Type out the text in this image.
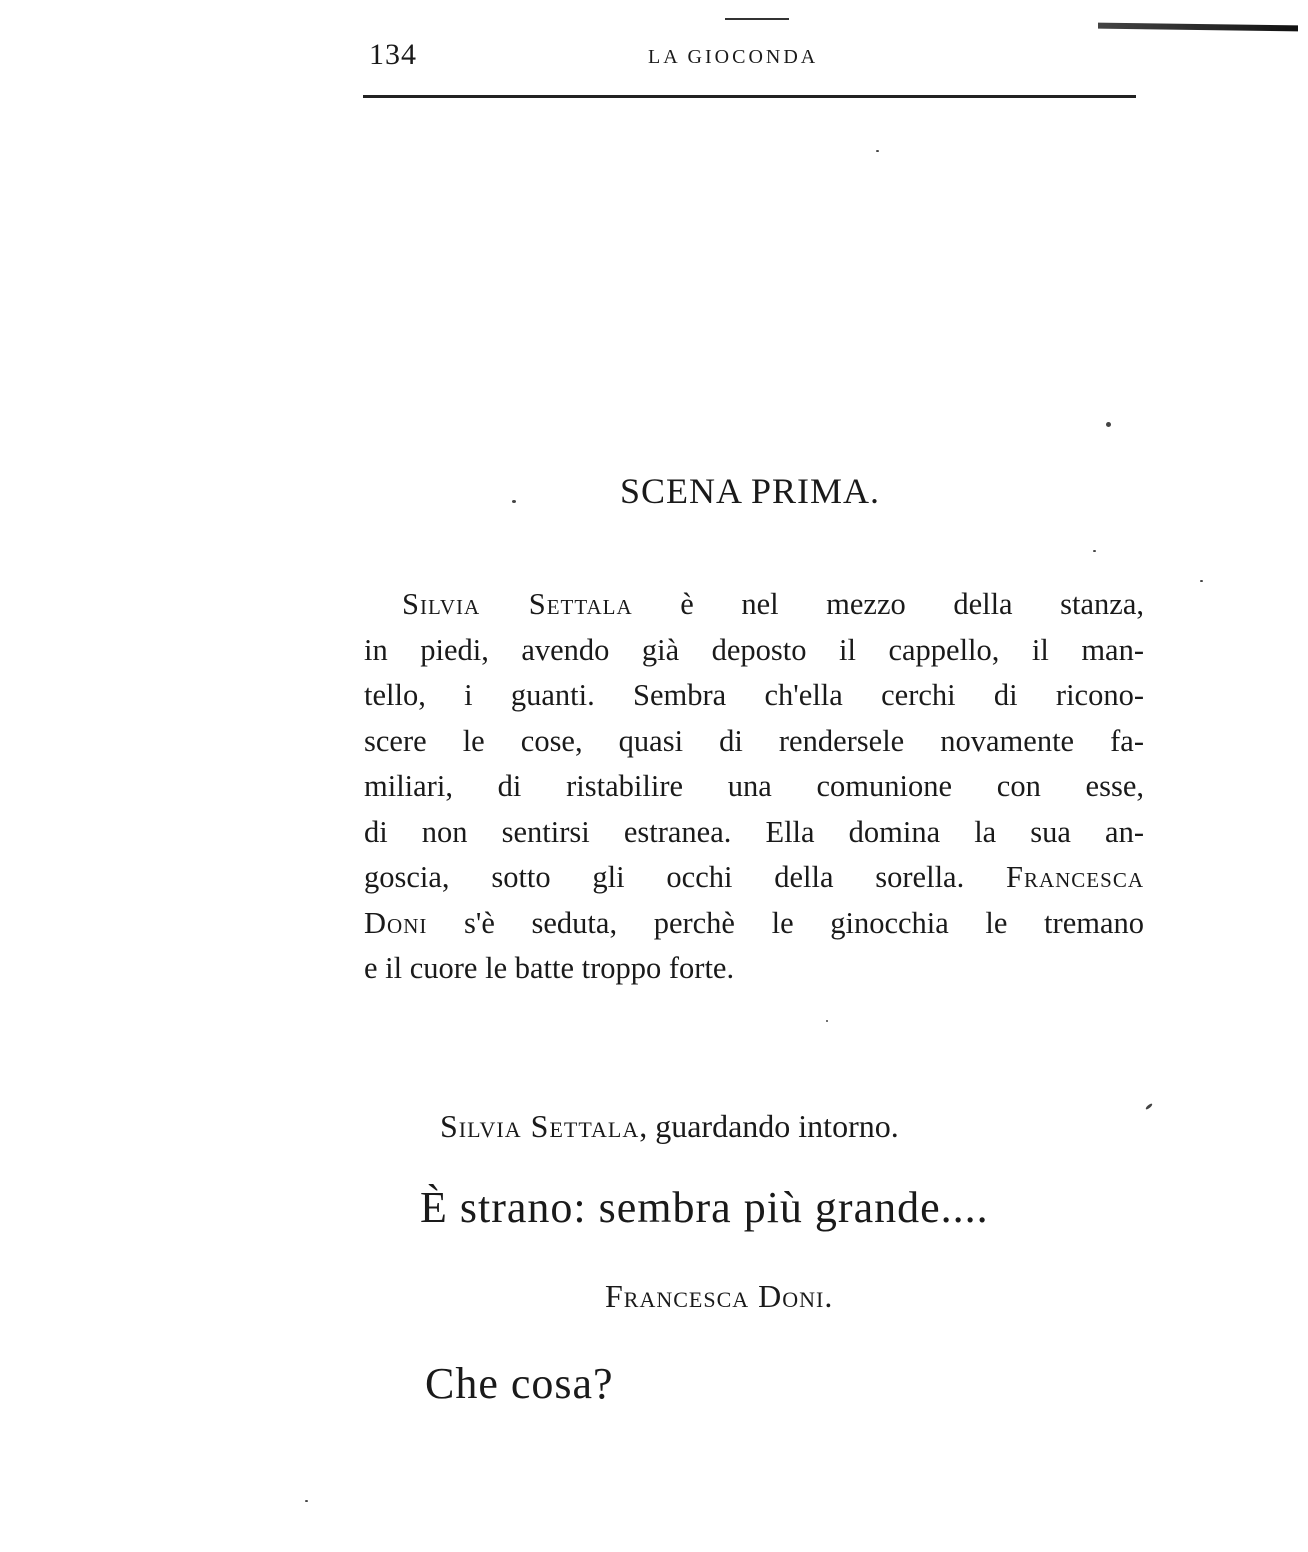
134	LA GIOCONDA
SCENA PRIMA.
Silvia Settala è nel mezzo della stanza,
in piedi, avendo già deposto il cappello, il man-
tello, i guanti. Sembra ch'ella cerchi di ricono-
scere le cose, quasi di rendersele novamente fa-
miliari, di ristabilire una comunione con esse,
di non sentirsi estranea. Ella domina la sua an-
goscia, sotto gli occhi della sorella. Francesca
Doni s'è seduta, perchè le ginocchia le tremano
e il cuore le batte troppo forte.
Silvia Settala, guardando intorno.
È strano: sembra più grande....
Francesca Doni.
Che cosa?
